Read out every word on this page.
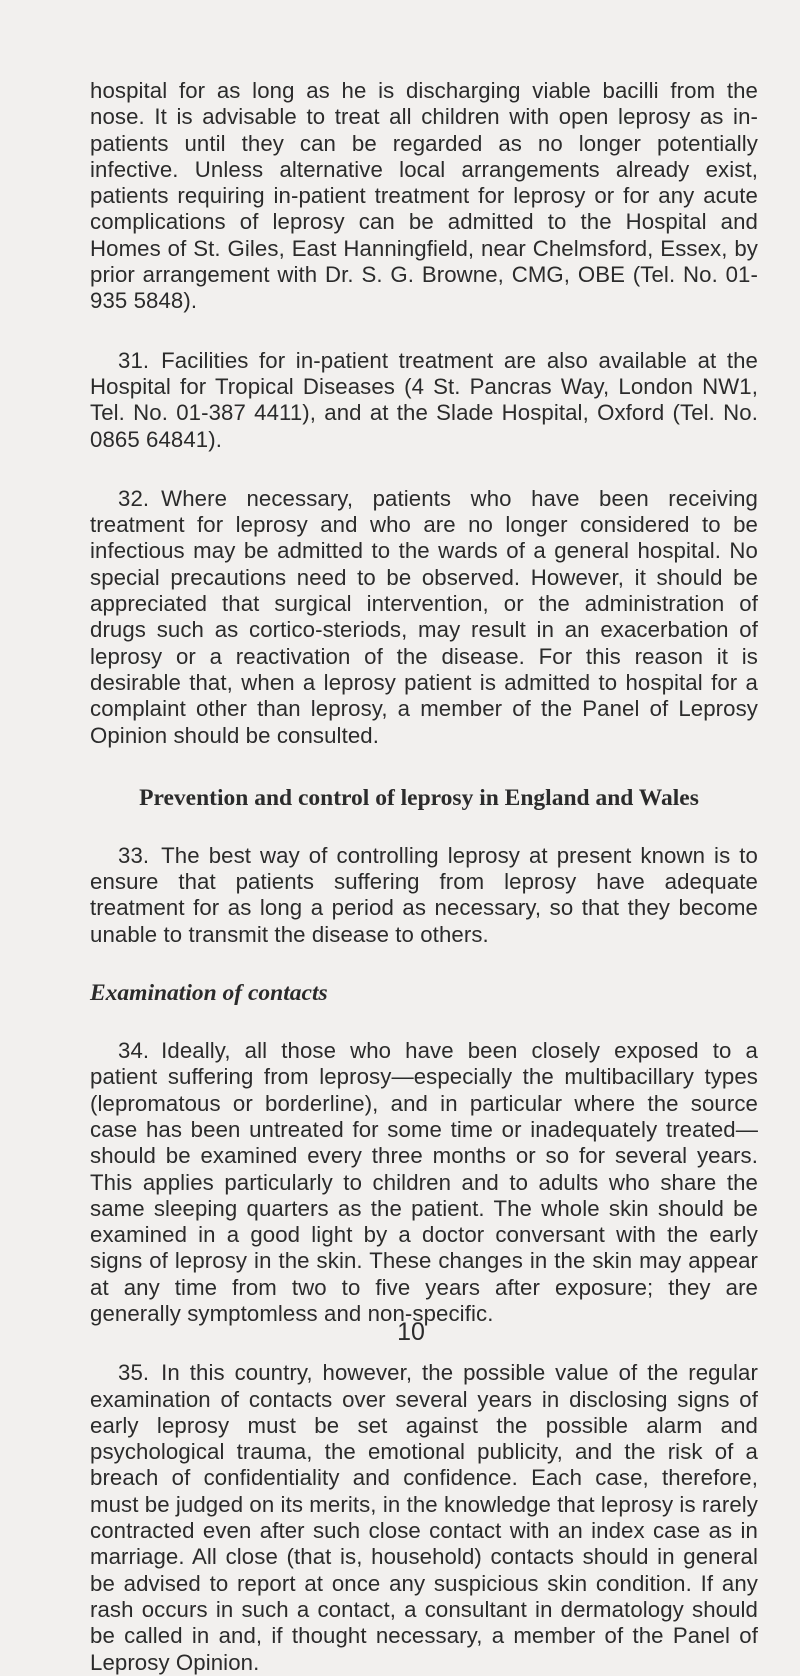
hospital for as long as he is discharging viable bacilli from the nose. It is advisable to treat all children with open leprosy as in-patients until they can be regarded as no longer potentially infective. Unless alternative local arrangements already exist, patients requiring in-patient treatment for leprosy or for any acute complications of leprosy can be admitted to the Hospital and Homes of St. Giles, East Hanningfield, near Chelmsford, Essex, by prior arrangement with Dr. S. G. Browne, CMG, OBE (Tel. No. 01-935 5848).

31. Facilities for in-patient treatment are also available at the Hospital for Tropical Diseases (4 St. Pancras Way, London NW1, Tel. No. 01-387 4411), and at the Slade Hospital, Oxford (Tel. No. 0865 64841).

32. Where necessary, patients who have been receiving treatment for leprosy and who are no longer considered to be infectious may be admitted to the wards of a general hospital. No special precautions need to be observed. However, it should be appreciated that surgical intervention, or the administration of drugs such as cortico-steriods, may result in an exacerbation of leprosy or a reactivation of the disease. For this reason it is desirable that, when a leprosy patient is admitted to hospital for a complaint other than leprosy, a member of the Panel of Leprosy Opinion should be consulted.

Prevention and control of leprosy in England and Wales

33. The best way of controlling leprosy at present known is to ensure that patients suffering from leprosy have adequate treatment for as long a period as necessary, so that they become unable to transmit the disease to others.

Examination of contacts

34. Ideally, all those who have been closely exposed to a patient suffering from leprosy—especially the multibacillary types (lepromatous or borderline), and in particular where the source case has been untreated for some time or inadequately treated—should be examined every three months or so for several years. This applies particularly to children and to adults who share the same sleeping quarters as the patient. The whole skin should be examined in a good light by a doctor conversant with the early signs of leprosy in the skin. These changes in the skin may appear at any time from two to five years after exposure; they are generally symptomless and non-specific.

35. In this country, however, the possible value of the regular examination of contacts over several years in disclosing signs of early leprosy must be set against the possible alarm and psychological trauma, the emotional publicity, and the risk of a breach of confidentiality and confidence. Each case, therefore, must be judged on its merits, in the knowledge that leprosy is rarely contracted even after such close contact with an index case as in marriage. All close (that is, household) contacts should in general be advised to report at once any suspicious skin condition. If any rash occurs in such a contact, a consultant in dermatology should be called in and, if thought necessary, a member of the Panel of Leprosy Opinion.

10
